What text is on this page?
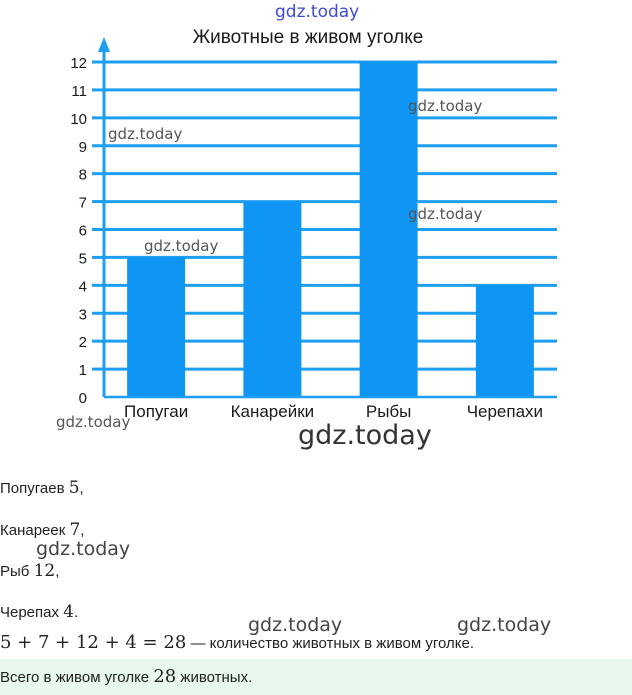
Животные в живом уголке
0
1
2
3
4
5
6
7
8
9
10
11
12
Попугаи Канарейки	Рыбы	Черепахи
gdz.today
gdz.today
gdz.today
gdz.today
gdz.today
gdz.today	gdz.today
gdz.today
gdz.today	gdz.today
Попугаев 5,
Канареек 7,
Рыб 12,
Черепах 4.
5 + 7 + 12 + 4 = 28 — количество животных в живом уголке.
Всего в живом уголке 28 животных.
